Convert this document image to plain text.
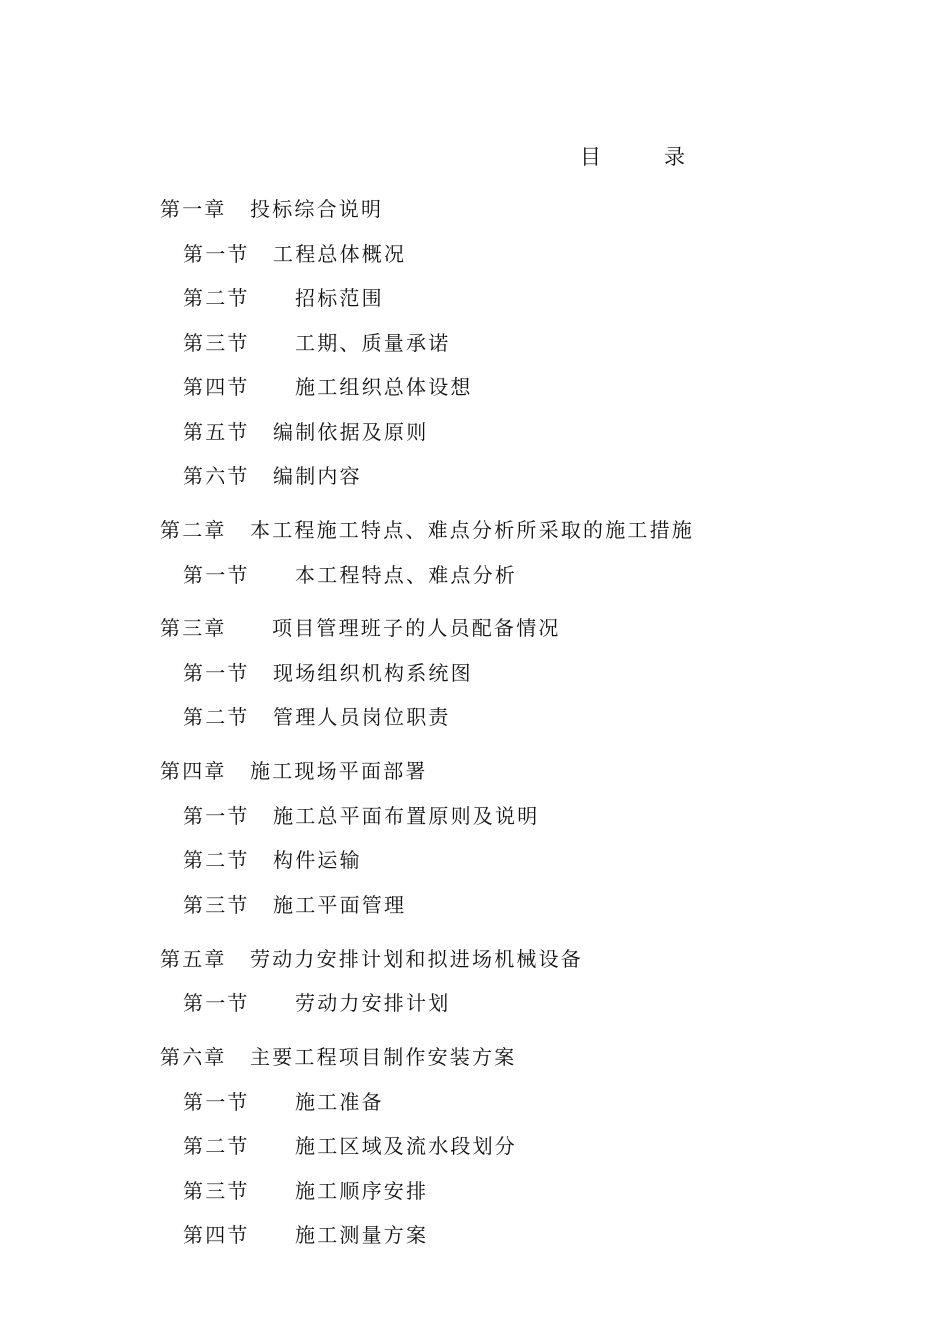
目	录
第一章 投标综合说明
第一节 工程总体概况
第二节 招标范围
第三节 工期、质量承诺
第四节 施工组织总体设想
第五节 编制依据及原则
第六节 编制内容
第二章 本工程施工特点、难点分析所采取的施工措施
第一节 本工程特点、难点分析
第三章 项目管理班子的人员配备情况
第一节 现场组织机构系统图
第二节 管理人员岗位职责
第四章 施工现场平面部署
第一节 施工总平面布置原则及说明
第二节 构件运输
第三节 施工平面管理
第五章 劳动力安排计划和拟进场机械设备
第一节 劳动力安排计划
第六章 主要工程项目制作安装方案
第一节 施工准备
第二节 施工区域及流水段划分
第三节 施工顺序安排
第四节 施工测量方案
